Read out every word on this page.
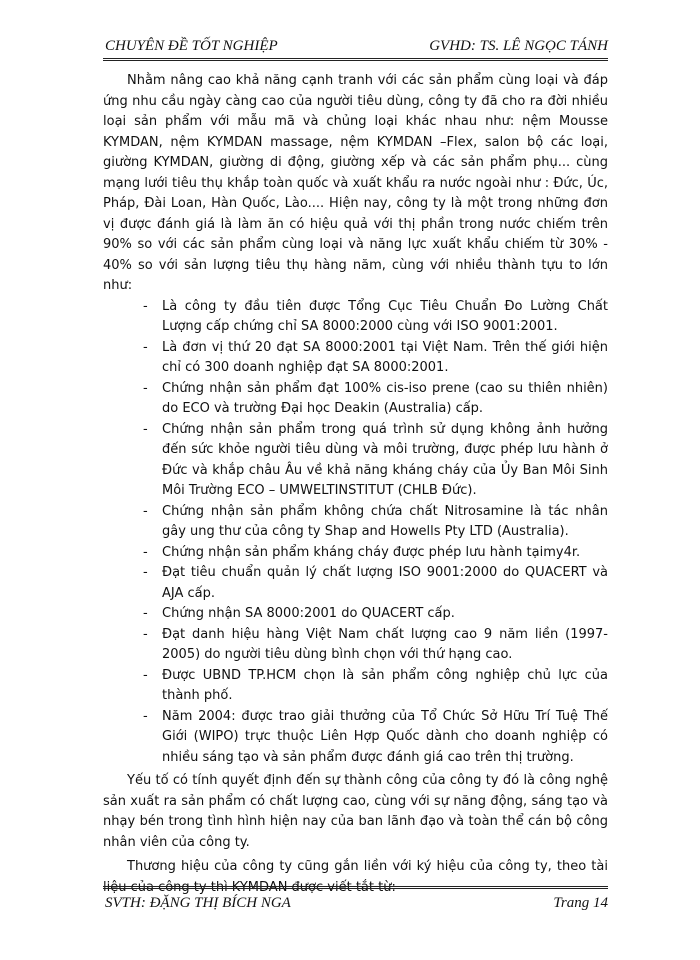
CHUYÊN ĐỀ TỐT NGHIỆP	GVHD: TS. LÊ NGỌC TÁNH

Nhằm nâng cao khả năng cạnh tranh với các sản phẩm cùng loại và đáp ứng nhu cầu ngày càng cao của người tiêu dùng, công ty đã cho ra đời nhiều loại sản phẩm với mẫu mã và chủng loại khác nhau như: nệm Mousse KYMDAN, nệm KYMDAN massage, nệm KYMDAN –Flex, salon bộ các loại, giường KYMDAN, giường di động, giường xếp và các sản phẩm phụ... cùng mạng lưới tiêu thụ khắp toàn quốc và xuất khẩu ra nước ngoài như : Đức, Úc, Pháp, Đài Loan, Hàn Quốc, Lào.... Hiện nay, công ty là một trong những đơn vị được đánh giá là làm ăn có hiệu quả với thị phần trong nước chiếm trên 90% so với các sản phẩm cùng loại và năng lực xuất khẩu chiếm từ 30% - 40% so với sản lượng tiêu thụ hàng năm, cùng với nhiều thành tựu to lớn như:

- Là công ty đầu tiên được Tổng Cục Tiêu Chuẩn Đo Lường Chất Lượng cấp chứng chỉ SA 8000:2000 cùng với ISO 9001:2001.
- Là đơn vị thứ 20 đạt SA 8000:2001 tại Việt Nam. Trên thế giới hiện chỉ có 300 doanh nghiệp đạt SA 8000:2001.
- Chứng nhận sản phẩm đạt 100% cis-iso prene (cao su thiên nhiên) do ECO và trường Đại học Deakin (Australia) cấp.
- Chứng nhận sản phẩm trong quá trình sử dụng không ảnh hưởng đến sức khỏe người tiêu dùng và môi trường, được phép lưu hành ở Đức và khắp châu Âu về khả năng kháng cháy của Ủy Ban Môi Sinh Môi Trường ECO – UMWELTINSTITUT (CHLB Đức).
- Chứng nhận sản phẩm không chứa chất Nitrosamine là tác nhân gây ung thư của công ty Shap and Howells Pty LTD (Australia).
- Chứng nhận sản phẩm kháng cháy được phép lưu hành tạimy4r.
- Đạt tiêu chuẩn quản lý chất lượng ISO 9001:2000 do QUACERT và AJA cấp.
- Chứng nhận SA 8000:2001 do QUACERT cấp.
- Đạt danh hiệu hàng Việt Nam chất lượng cao 9 năm liền (1997-2005) do người tiêu dùng bình chọn với thứ hạng cao.
- Được UBND TP.HCM chọn là sản phẩm công nghiệp chủ lực của thành phố.
- Năm 2004: được trao giải thưởng của Tổ Chức Sở Hữu Trí Tuệ Thế Giới (WIPO) trực thuộc Liên Hợp Quốc dành cho doanh nghiệp có nhiều sáng tạo và sản phẩm được đánh giá cao trên thị trường.

Yếu tố có tính quyết định đến sự thành công của công ty đó là công nghệ sản xuất ra sản phẩm có chất lượng cao, cùng với sự năng động, sáng tạo và nhạy bén trong tình hình hiện nay của ban lãnh đạo và toàn thể cán bộ công nhân viên của công ty.

Thương hiệu của công ty cũng gắn liền với ký hiệu của công ty, theo tài liệu của công ty thì KYMDAN được viết tắt từ:

SVTH: ĐẶNG THỊ BÍCH NGA	Trang 14
